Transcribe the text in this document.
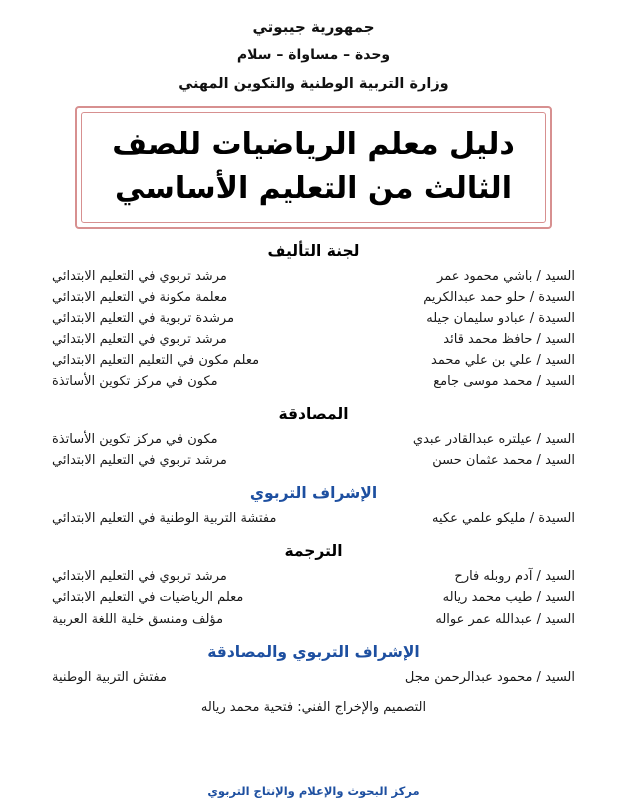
جمهورية جيبوتي
وحدة – مساواة – سلام
وزارة التربية الوطنية والتكوين المهني
دليل معلم الرياضيات للصف
الثالث من التعليم الأساسي
لجنة التأليف
السيد / باشي محمود عمر
مرشد تربوي في التعليم الابتدائي
السيدة / حلو حمد عبدالكريم
معلمة مكونة في التعليم الابتدائي
السيدة / عبادو سليمان جيله
مرشدة تربوية في التعليم الابتدائي
السيد / حافظ محمد قائد
مرشد تربوي في التعليم الابتدائي
السيد / علي بن علي محمد
معلم مكون في التعليم التعليم الابتدائي
السيد / محمد موسى جامع
مكون في مركز تكوين الأساتذة
المصادقة
السيد / عيلتره عبدالقادر عبدي
مكون في مركز تكوين الأساتذة
السيد / محمد عثمان حسن
مرشد تربوي في التعليم الابتدائي
الإشراف التربوي
السيدة / مليكو علمي عكيه
مفتشة التربية الوطنية في التعليم الابتدائي
الترجمة
السيد / آدم روبله فارح
مرشد تربوي في التعليم الابتدائي
السيد / طيب محمد رياله
معلم الرياضيات في التعليم الابتدائي
السيد / عبدالله عمر عواله
مؤلف ومنسق خلية اللغة العربية
الإشراف التربوي والمصادقة
السيد / محمود عبدالرحمن مجل
مفتش التربية الوطنية
التصميم والإخراج الفني: فتحية محمد رياله
مركز البحوث والإعلام والإنتاج التربوي
